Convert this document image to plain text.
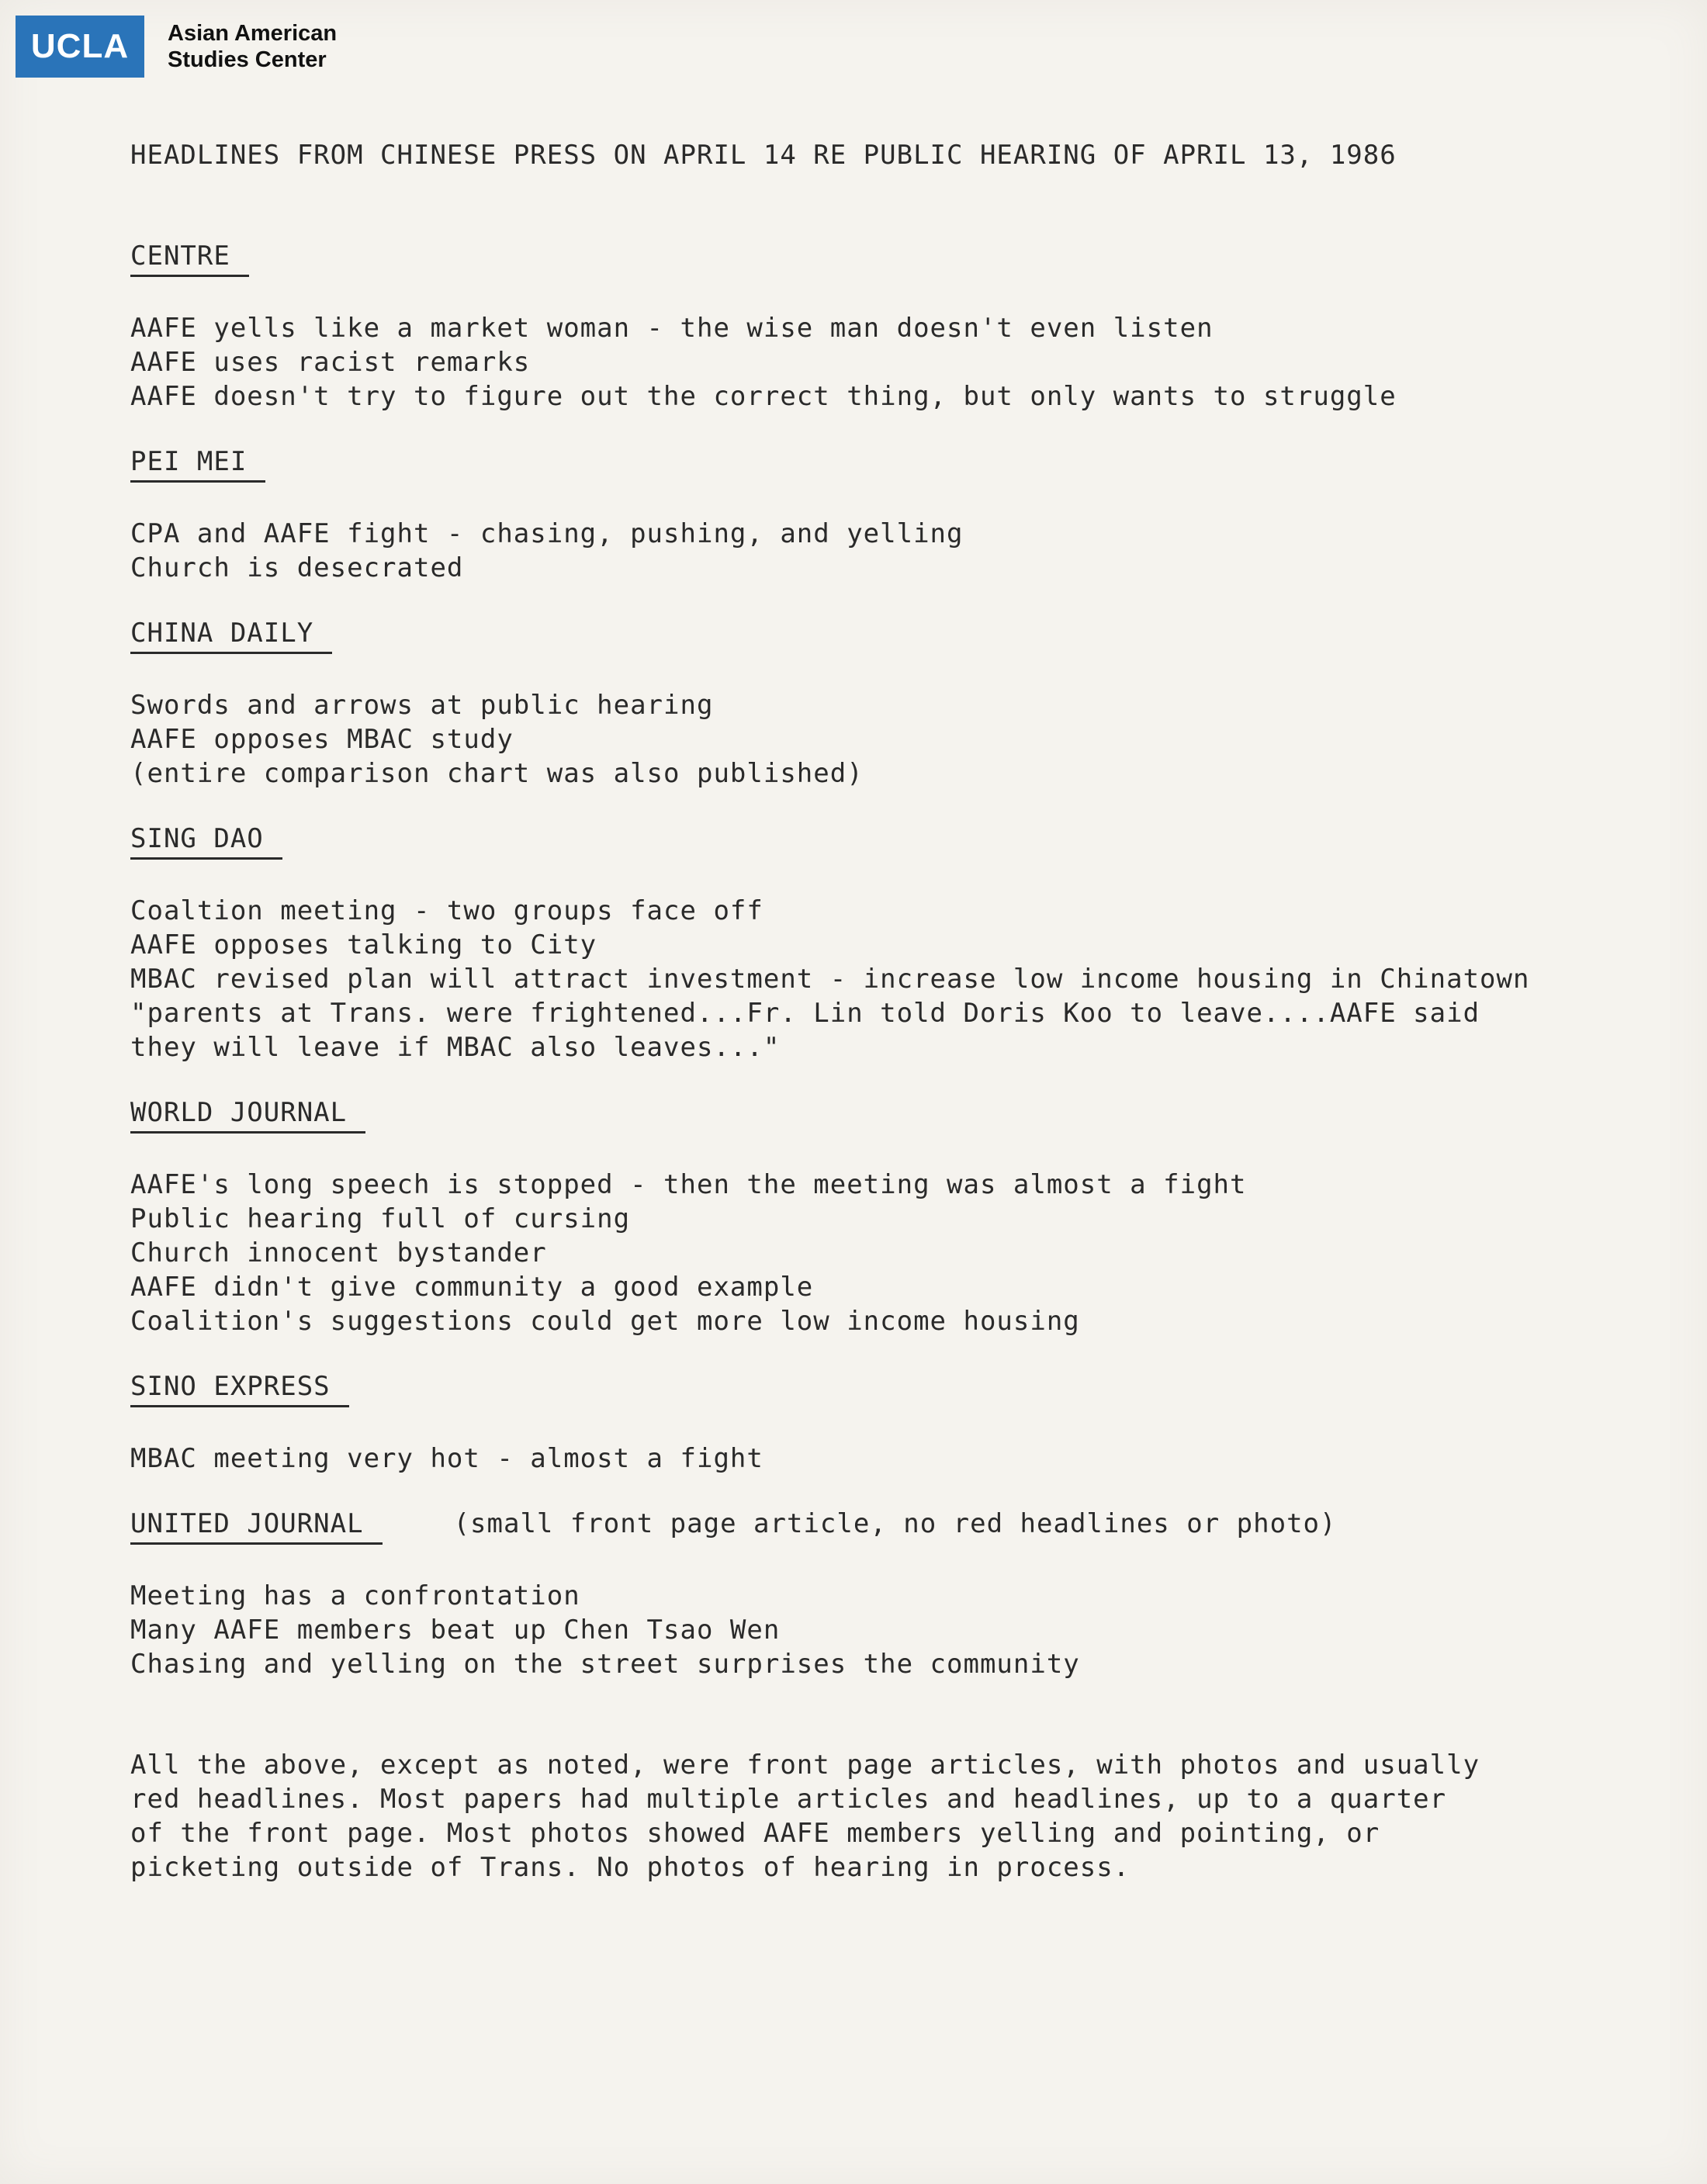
UCLA	Asian American
Studies Center
HEADLINES FROM CHINESE PRESS ON APRIL 14 RE PUBLIC HEARING OF APRIL 13, 1986
CENTRE
AAFE yells like a market woman - the wise man doesn't even listen
AAFE uses racist remarks
AAFE doesn't try to figure out the correct thing, but only wants to struggle
PEI MEI
CPA and AAFE fight - chasing, pushing, and yelling
Church is desecrated
CHINA DAILY
Swords and arrows at public hearing
AAFE opposes MBAC study
(entire comparison chart was also published)
SING DAO
Coaltion meeting - two groups face off
AAFE opposes talking to City
MBAC revised plan will attract investment - increase low income housing in Chinatown
"parents at Trans. were frightened...Fr. Lin told Doris Koo to leave....AAFE said
they will leave if MBAC also leaves..."
WORLD JOURNAL
AAFE's long speech is stopped - then the meeting was almost a fight
Public hearing full of cursing
Church innocent bystander
AAFE didn't give community a good example
Coalition's suggestions could get more low income housing
SINO EXPRESS
MBAC meeting very hot - almost a fight
UNITED JOURNAL	(small front page article, no red headlines or photo)
Meeting has a confrontation
Many AAFE members beat up Chen Tsao Wen
Chasing and yelling on the street surprises the community
All the above, except as noted, were front page articles, with photos and usually
red headlines. Most papers had multiple articles and headlines, up to a quarter
of the front page. Most photos showed AAFE members yelling and pointing, or
picketing outside of Trans. No photos of hearing in process.
